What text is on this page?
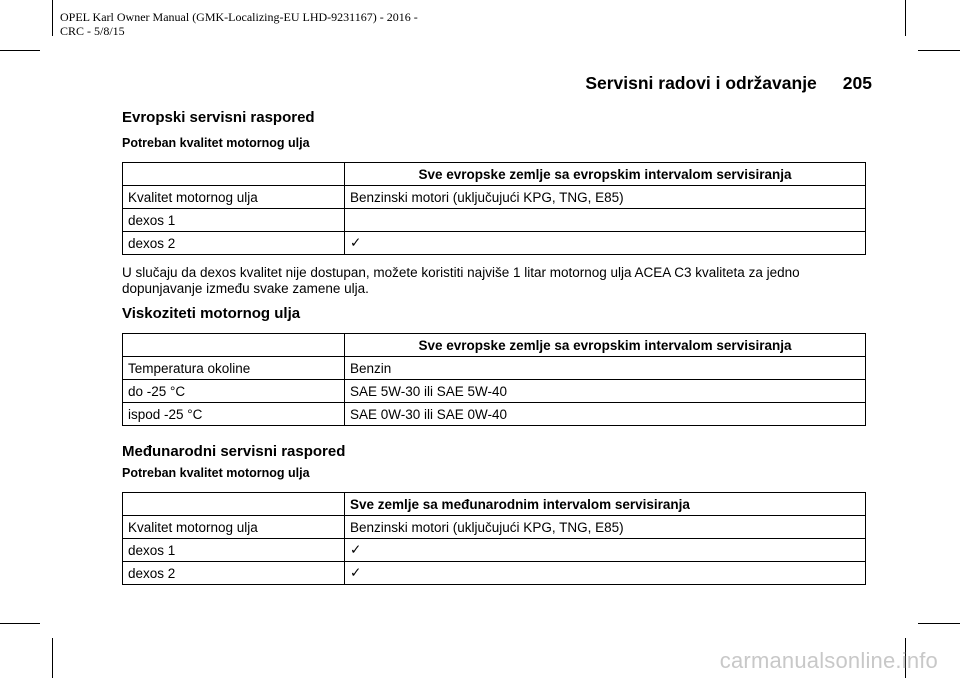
OPEL Karl Owner Manual (GMK-Localizing-EU LHD-9231167) - 2016 -
CRC - 5/8/15
Servisni radovi i održavanje 205
Evropski servisni raspored
Potreban kvalitet motornog ulja
	Sve evropske zemlje sa evropskim intervalom servisiranja
Kvalitet motornog ulja	Benzinski motori (uključujući KPG, TNG, E85)
dexos 1	
dexos 2	✓
U slučaju da dexos kvalitet nije dostupan, možete koristiti najviše 1 litar motornog ulja ACEA C3 kvaliteta za jedno dopunjavanje između svake zamene ulja.
Viskoziteti motornog ulja
	Sve evropske zemlje sa evropskim intervalom servisiranja
Temperatura okoline	Benzin
do -25 °C	SAE 5W-30 ili SAE 5W-40
ispod -25 °C	SAE 0W-30 ili SAE 0W-40
Međunarodni servisni raspored
Potreban kvalitet motornog ulja
	Sve zemlje sa međunarodnim intervalom servisiranja
Kvalitet motornog ulja	Benzinski motori (uključujući KPG, TNG, E85)
dexos 1	✓
dexos 2	✓
carmanualsonline.info
